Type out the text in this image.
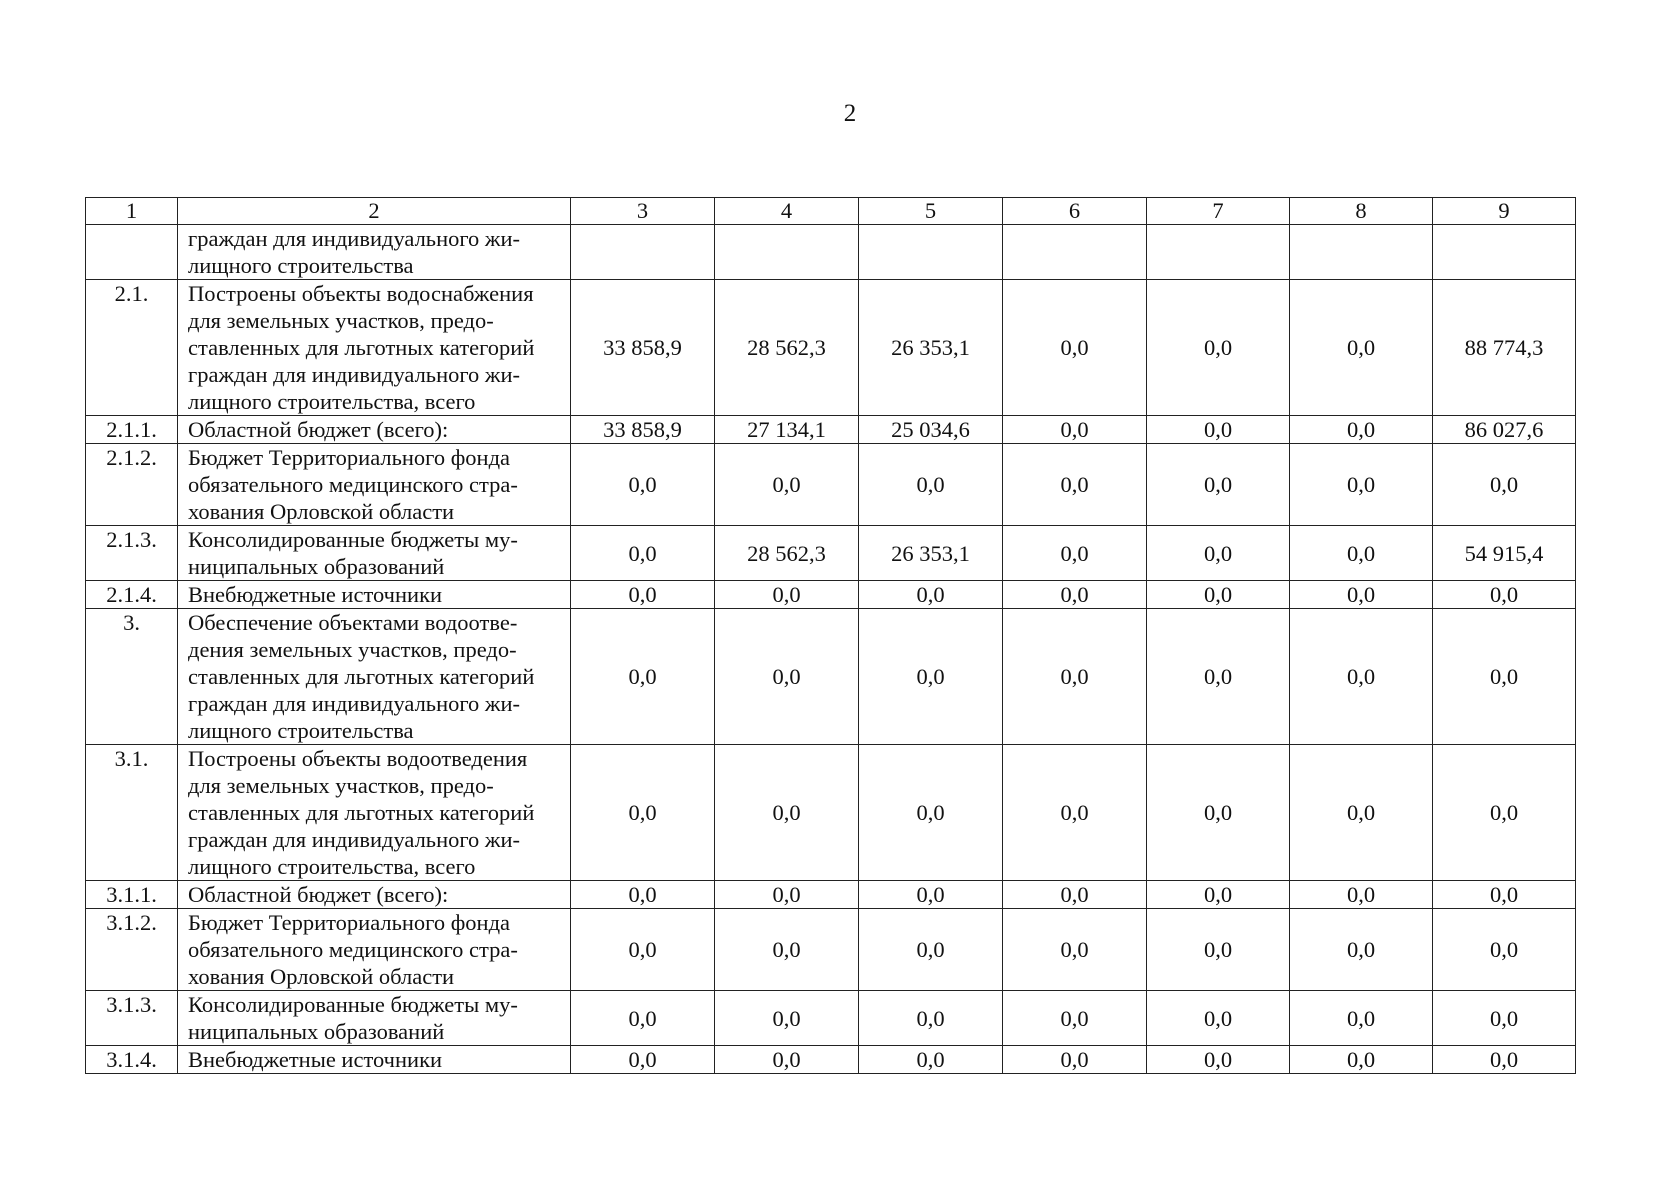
2
1	2	3	4	5	6	7	8	9

	граждан для индивидуального жи-
лищного строительства							

2.1.	Построены объекты водоснабжения
для земельных участков, предо-
ставленных для льготных категорий
граждан для индивидуального жи-
лищного строительства, всего	33 858,9	28 562,3	26 353,1	0,0	0,0	0,0	88 774,3
2.1.1.	Областной бюджет (всего):	33 858,9	27 134,1	25 034,6	0,0	0,0	0,0	86 027,6
2.1.2.	Бюджет Территориального фонда
обязательного медицинского стра-
хования Орловской области	0,0	0,0	0,0	0,0	0,0	0,0	0,0
2.1.3.	Консолидированные бюджеты му-
ниципальных образований	0,0	28 562,3	26 353,1	0,0	0,0	0,0	54 915,4
2.1.4.	Внебюджетные источники	0,0	0,0	0,0	0,0	0,0	0,0	0,0
3.	Обеспечение объектами водоотве-
дения земельных участков, предо-
ставленных для льготных категорий
граждан для индивидуального жи-
лищного строительства	0,0	0,0	0,0	0,0	0,0	0,0	0,0
3.1.	Построены объекты водоотведения
для земельных участков, предо-
ставленных для льготных категорий
граждан для индивидуального жи-
лищного строительства, всего	0,0	0,0	0,0	0,0	0,0	0,0	0,0
3.1.1.	Областной бюджет (всего):	0,0	0,0	0,0	0,0	0,0	0,0	0,0
3.1.2.	Бюджет Территориального фонда
обязательного медицинского стра-
хования Орловской области	0,0	0,0	0,0	0,0	0,0	0,0	0,0
3.1.3.	Консолидированные бюджеты му-
ниципальных образований	0,0	0,0	0,0	0,0	0,0	0,0	0,0
3.1.4.	Внебюджетные источники	0,0	0,0	0,0	0,0	0,0	0,0	0,0
